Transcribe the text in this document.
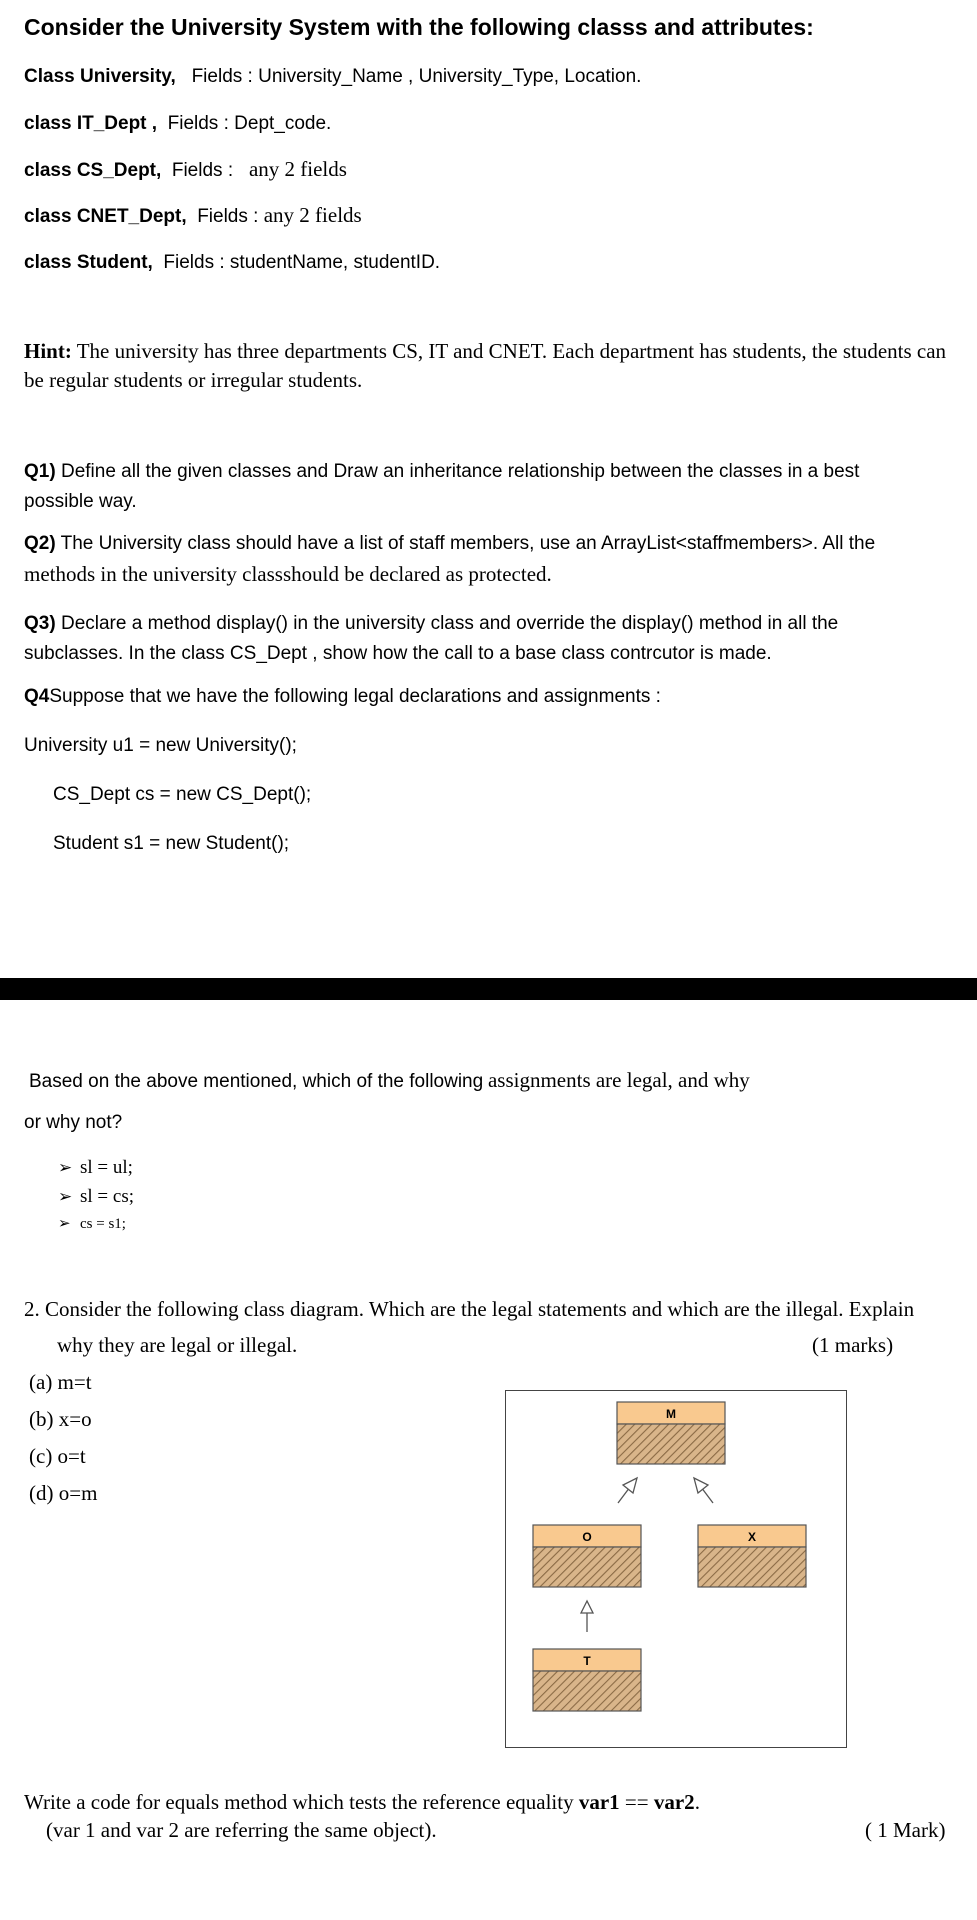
Consider the University System with the following classs and attributes:
Class University, Fields : University_Name , University_Type, Location.
class IT_Dept , Fields : Dept_code.
class CS_Dept, Fields : any 2 fields
class CNET_Dept, Fields : any 2 fields
class Student, Fields : studentName, studentID.
Hint: The university has three departments CS, IT and CNET. Each department has students, the students can be regular students or irregular students.
Q1) Define all the given classes and Draw an inheritance relationship between the classes in a best possible way.
Q2) The University class should have a list of staff members, use an ArrayList<staffmembers>. All the
methods in the university classshould be declared as protected.
Q3) Declare a method display() in the university class and override the display() method in all the subclasses. In the class CS_Dept , show how the call to a base class contrcutor is made.
Q4Suppose that we have the following legal declarations and assignments :
University u1 = new University();
CS_Dept cs = new CS_Dept();
Student s1 = new Student();
Based on the above mentioned, which of the following assignments are legal, and why
or why not?
➢ sl = ul;
➢ sl = cs;
➢ cs = s1;
2. Consider the following class diagram. Which are the legal statements and which are the illegal. Explain
why they are legal or illegal.	(1 marks)
(a) m=t
(b) x=o
(c) o=t
(d) o=m
M
O	X
T
Write a code for equals method which tests the reference equality var1 == var2.
(var 1 and var 2 are referring the same object).	( 1 Mark)
